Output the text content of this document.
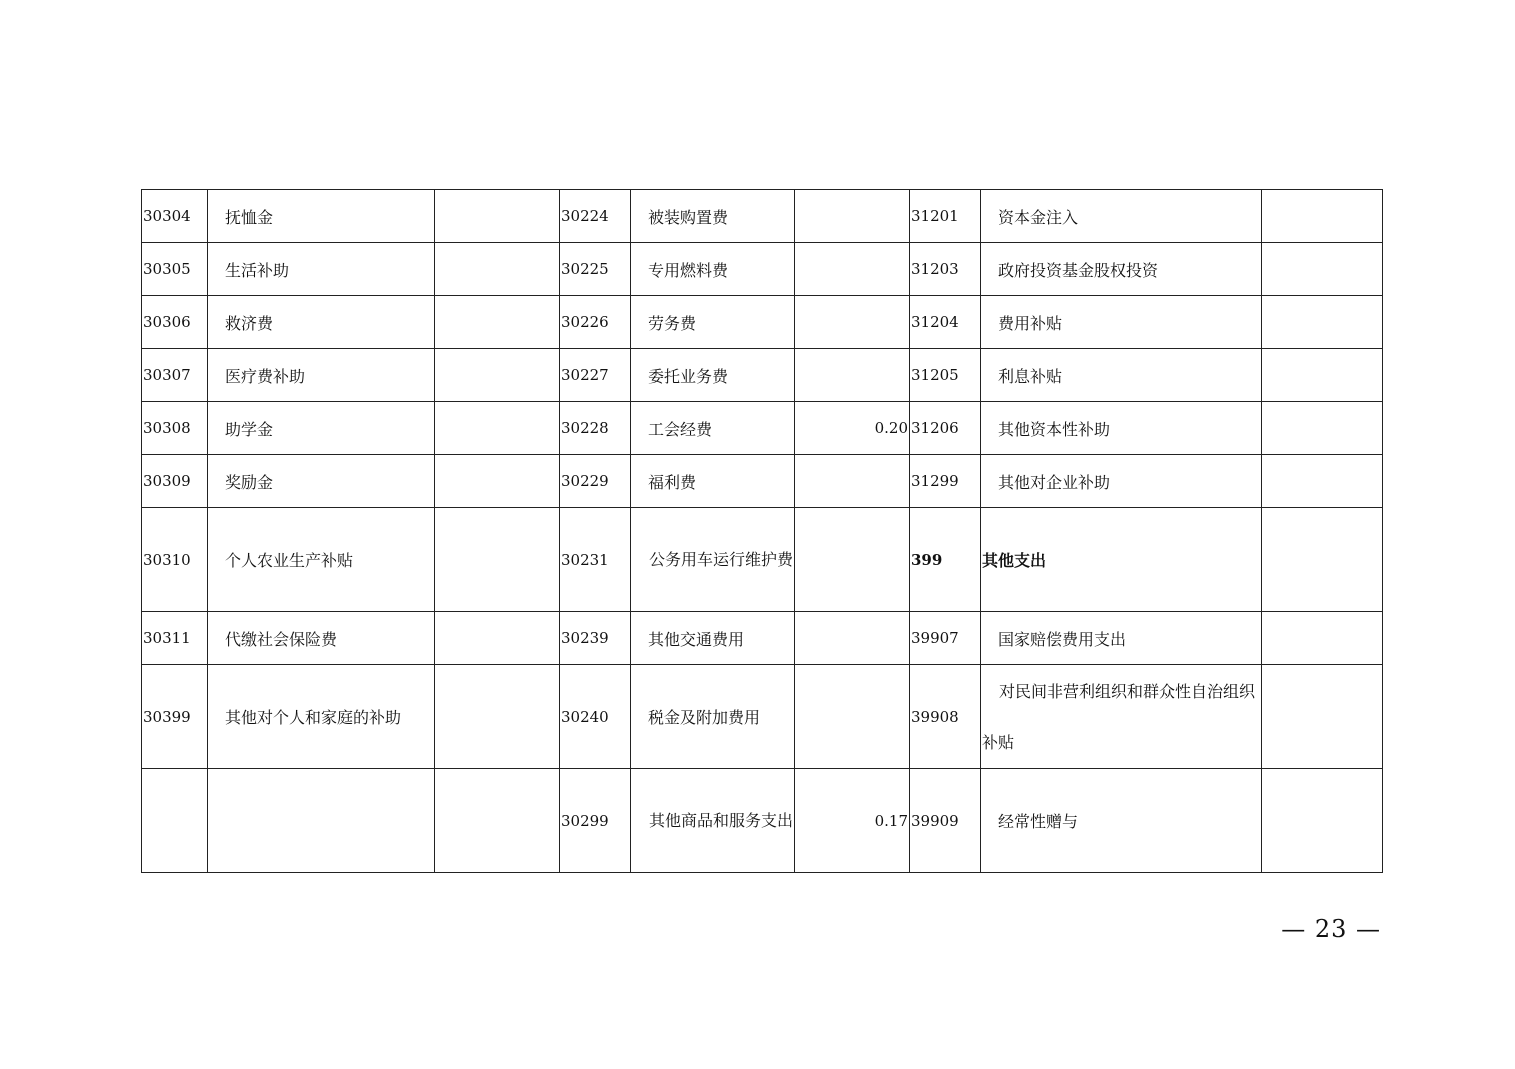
30304	抚恤金		30224	被装购置费		31201	资本金注入	
30305	生活补助		30225	专用燃料费		31203	政府投资基金股权投资	
30306	救济费		30226	劳务费		31204	费用补贴	
30307	医疗费补助		30227	委托业务费		31205	利息补贴	
30308	助学金		30228	工会经费	0.20	31206	其他资本性补助	
30309	奖励金		30229	福利费		31299	其他对企业补助	
30310	个人农业生产补贴		30231	公务用车运行维护费		399	其他支出	
30311	代缴社会保险费		30239	其他交通费用		39907	国家赔偿费用支出	
30399	其他对个人和家庭的补助		30240	税金及附加费用		39908	对民间非营利组织和群众性自治组织补贴	
			30299	其他商品和服务支出	0.17	39909	经常性赠与	
— 23 —
